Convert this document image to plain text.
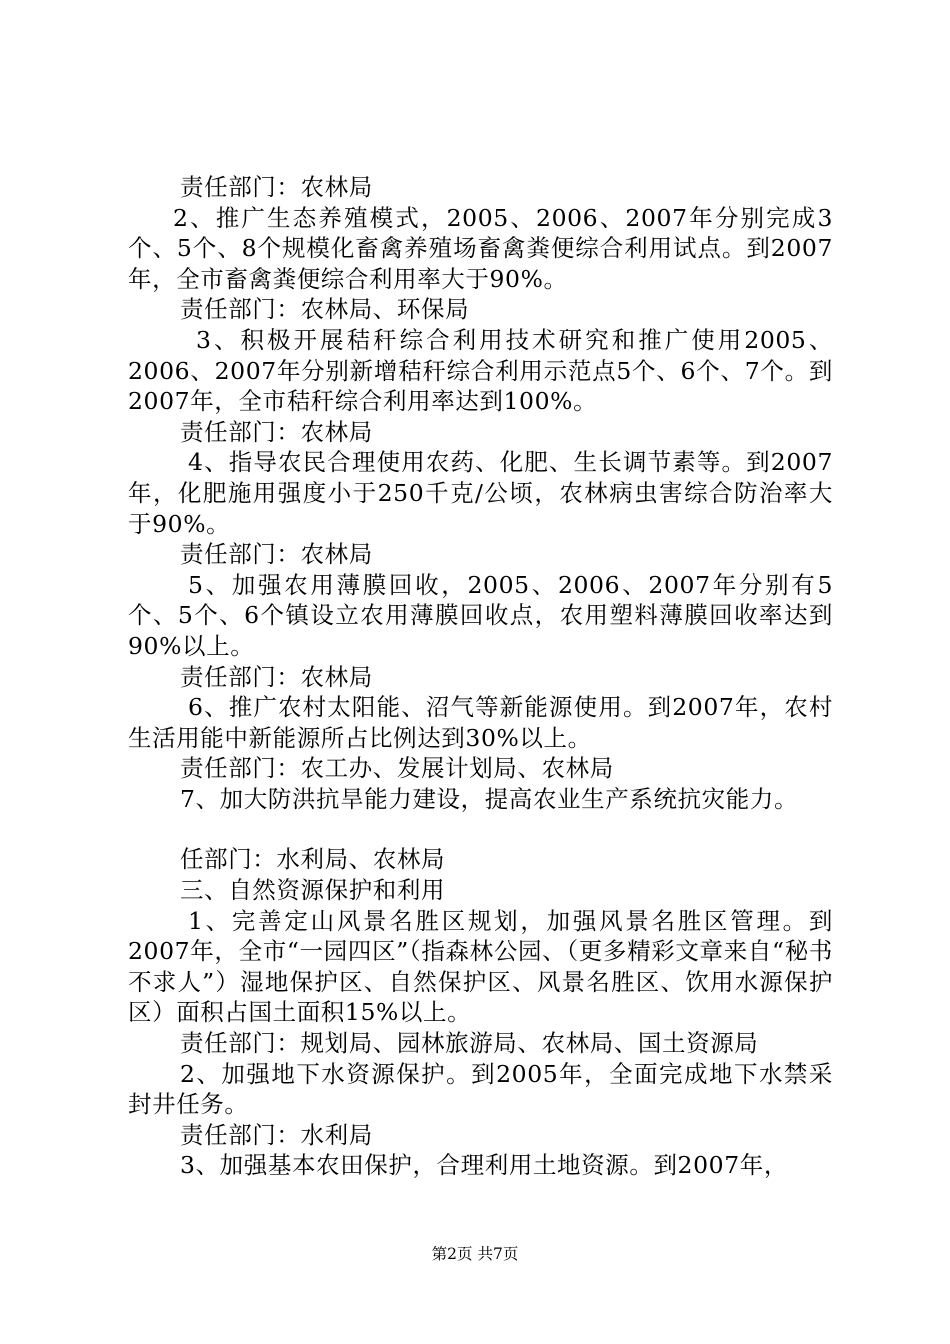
责任部门：农林局

2、推广生态养殖模式，2005、2006、2007年分别完成3个、5个、8个规模化畜禽养殖场畜禽粪便综合利用试点。到2007年，全市畜禽粪便综合利用率大于90%。

责任部门：农林局、环保局

3、积极开展秸秆综合利用技术研究和推广使用2005、2006、2007年分别新增秸秆综合利用示范点5个、6个、7个。到2007年，全市秸秆综合利用率达到100%。

责任部门：农林局

4、指导农民合理使用农药、化肥、生长调节素等。到2007年，化肥施用强度小于250千克/公顷，农林病虫害综合防治率大于90%。

责任部门：农林局

5、加强农用薄膜回收，2005、2006、2007年分别有5个、5个、6个镇设立农用薄膜回收点，农用塑料薄膜回收率达到90%以上。

责任部门：农林局

6、推广农村太阳能、沼气等新能源使用。到2007年，农村生活用能中新能源所占比例达到30%以上。

责任部门：农工办、发展计划局、农林局

7、加大防洪抗旱能力建设，提高农业生产系统抗灾能力。

任部门：水利局、农林局

三、自然资源保护和利用

1、完善定山风景名胜区规划，加强风景名胜区管理。到2007年，全市“一园四区”（指森林公园、（更多精彩文章来自“秘书不求人”）湿地保护区、自然保护区、风景名胜区、饮用水源保护区）面积占国土面积15%以上。

责任部门：规划局、园林旅游局、农林局、国土资源局

2、加强地下水资源保护。到2005年，全面完成地下水禁采封井任务。

责任部门：水利局

3、加强基本农田保护，合理利用土地资源。到2007年，

第2页 共7页
